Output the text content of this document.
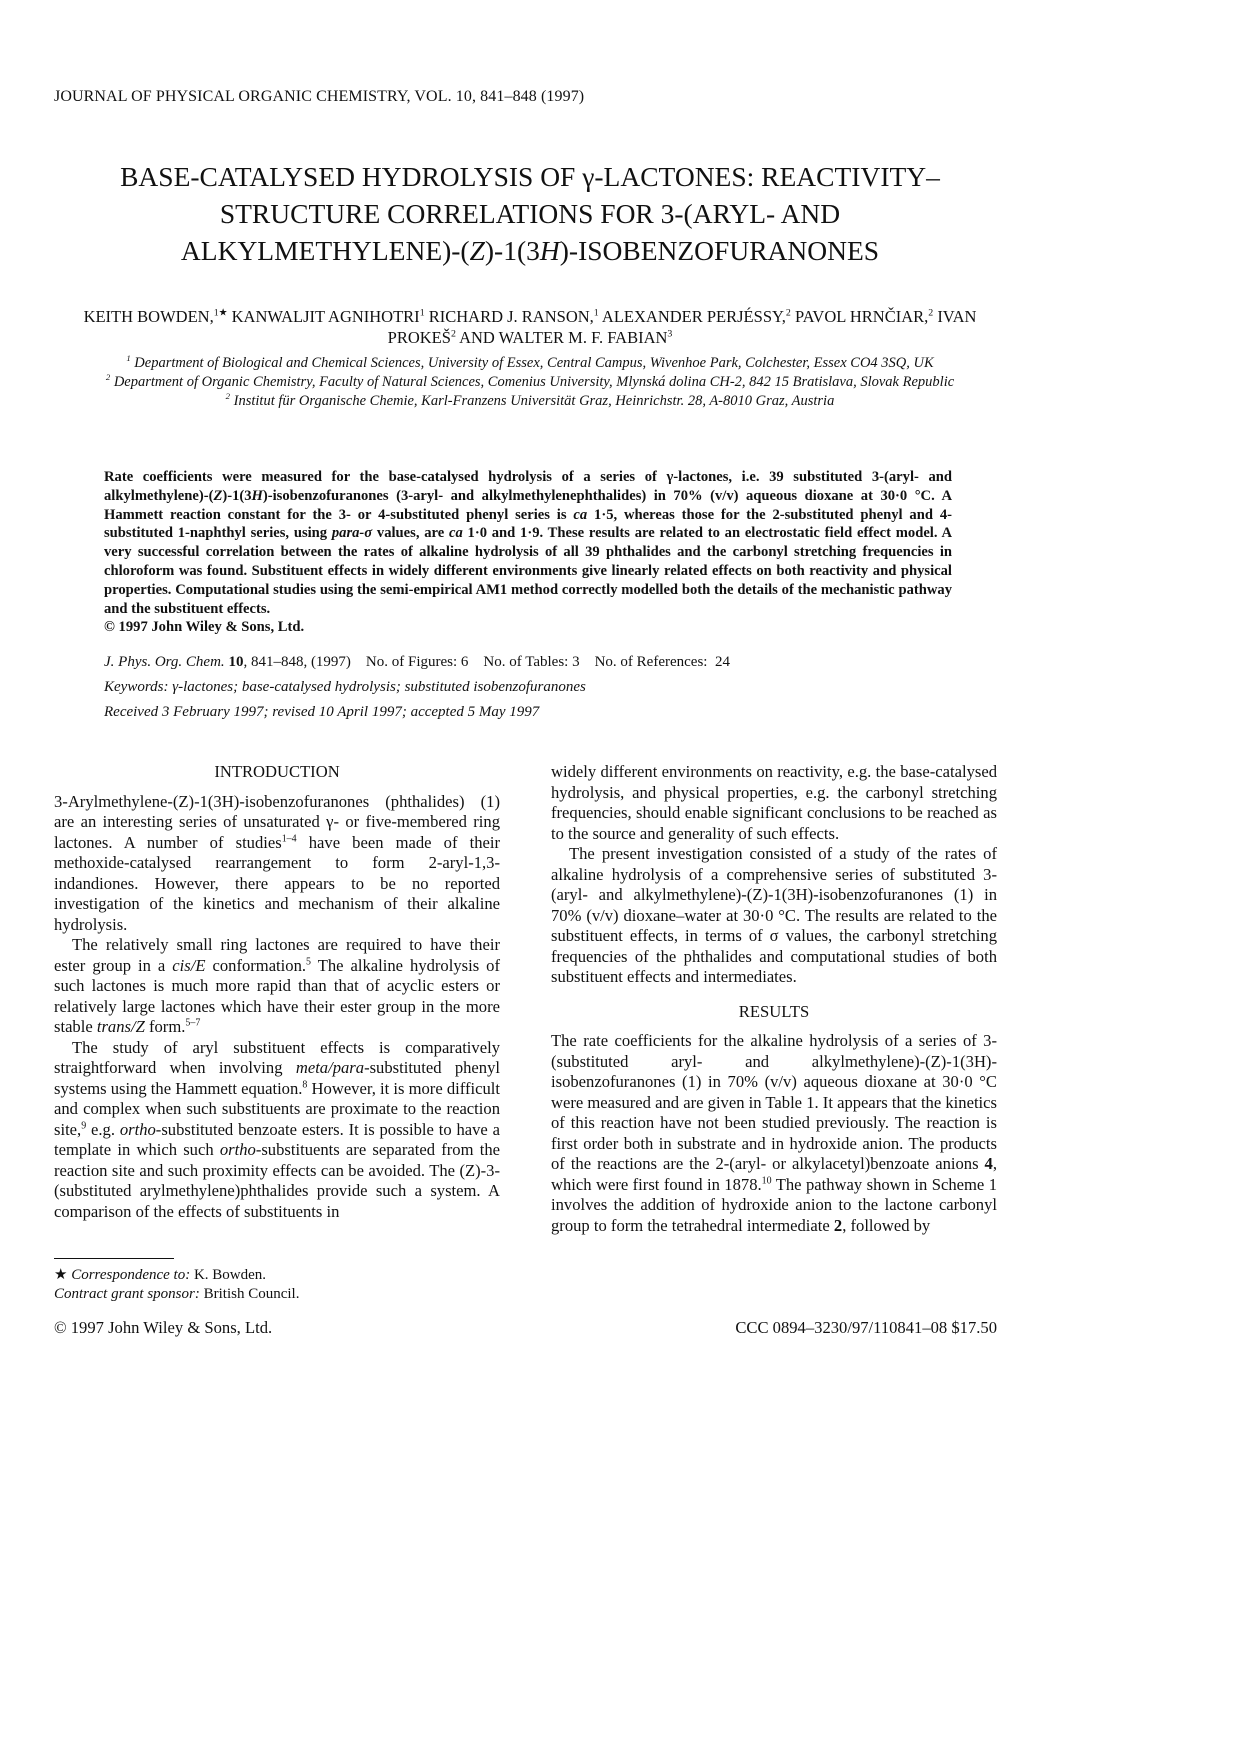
JOURNAL OF PHYSICAL ORGANIC CHEMISTRY, VOL. 10, 841–848 (1997)
BASE-CATALYSED HYDROLYSIS OF γ-LACTONES: REACTIVITY–
STRUCTURE CORRELATIONS FOR 3-(ARYL- AND
ALKYLMETHYLENE)-(Z)-1(3H)-ISOBENZOFURANONES
KEITH BOWDEN,$^{1★}$ KANWALJIT AGNIHOTRI$^1$ RICHARD J. RANSON,$^1$ ALEXANDER PERJÉSSY,$^2$ PAVOL HRNČIAR,$^2$ IVAN PROKEŠ$^2$ AND WALTER M. F. FABIAN$^3$
$^1$ Department of Biological and Chemical Sciences, University of Essex, Central Campus, Wivenhoe Park, Colchester, Essex CO4 3SQ, UK
$^2$ Department of Organic Chemistry, Faculty of Natural Sciences, Comenius University, Mlynská dolina CH-2, 842 15 Bratislava, Slovak Republic
$^2$ Institut für Organische Chemie, Karl-Franzens Universität Graz, Heinrichstr. 28, A-8010 Graz, Austria
Rate coefficients were measured for the base-catalysed hydrolysis of a series of γ-lactones, i.e. 39 substituted 3-(aryl- and alkylmethylene)-(Z)-1(3H)-isobenzofuranones (3-aryl- and alkylmethylenephthalides) in 70% (v/v) aqueous dioxane at 30·0 °C. A Hammett reaction constant for the 3- or 4-substituted phenyl series is ca 1·5, whereas those for the 2-substituted phenyl and 4-substituted 1-naphthyl series, using para-σ values, are ca 1·0 and 1·9. These results are related to an electrostatic field effect model. A very successful correlation between the rates of alkaline hydrolysis of all 39 phthalides and the carbonyl stretching frequencies in chloroform was found. Substituent effects in widely different environments give linearly related effects on both reactivity and physical properties. Computational studies using the semi-empirical AM1 method correctly modelled both the details of the mechanistic pathway and the substituent effects.
© 1997 John Wiley & Sons, Ltd.
J. Phys. Org. Chem. 10, 841–848, (1997)    No. of Figures: 6    No. of Tables: 3    No. of References:  24
Keywords: γ-lactones; base-catalysed hydrolysis; substituted isobenzofuranones
Received 3 February 1997; revised 10 April 1997; accepted 5 May 1997
INTRODUCTION

3-Arylmethylene-(Z)-1(3H)-isobenzofuranones (phthalides) (1) are an interesting series of unsaturated γ- or five-membered ring lactones. A number of studies$^{1-4}$ have been made of their methoxide-catalysed rearrangement to form 2-aryl-1,3-indandiones. However, there appears to be no reported investigation of the kinetics and mechanism of their alkaline hydrolysis.

The relatively small ring lactones are required to have their ester group in a cis/E conformation.$^5$ The alkaline hydrolysis of such lactones is much more rapid than that of acyclic esters or relatively large lactones which have their ester group in the more stable trans/Z form.$^{5-7}$

The study of aryl substituent effects is comparatively straightforward when involving meta/para-substituted phenyl systems using the Hammett equation.$^8$ However, it is more difficult and complex when such substituents are proximate to the reaction site,$^9$ e.g. ortho-substituted benzoate esters. It is possible to have a template in which such ortho-substituents are separated from the reaction site and such proximity effects can be avoided. The (Z)-3-(substituted arylmethylene)phthalides provide such a system. A comparison of the effects of substituents in

widely different environments on reactivity, e.g. the base-catalysed hydrolysis, and physical properties, e.g. the carbonyl stretching frequencies, should enable significant conclusions to be reached as to the source and generality of such effects.

The present investigation consisted of a study of the rates of alkaline hydrolysis of a comprehensive series of substituted 3-(aryl- and alkylmethylene)-(Z)-1(3H)-isobenzofuranones (1) in 70% (v/v) dioxane–water at 30·0 °C. The results are related to the substituent effects, in terms of σ values, the carbonyl stretching frequencies of the phthalides and computational studies of both substituent effects and intermediates.

RESULTS

The rate coefficients for the alkaline hydrolysis of a series of 3-(substituted aryl- and alkylmethylene)-(Z)-1(3H)-isobenzofuranones (1) in 70% (v/v) aqueous dioxane at 30·0 °C were measured and are given in Table 1. It appears that the kinetics of this reaction have not been studied previously. The reaction is first order both in substrate and in hydroxide anion. The products of the reactions are the 2-(aryl- or alkylacetyl)benzoate anions 4, which were first found in 1878.10 The pathway shown in Scheme 1 involves the addition of hydroxide anion to the lactone carbonyl group to form the tetrahedral intermediate 2, followed by

★ Correspondence to: K. Bowden.
Contract grant sponsor: British Council.
© 1997 John Wiley & Sons, Ltd.	CCC 0894–3230/97/110841–08 $17.50
